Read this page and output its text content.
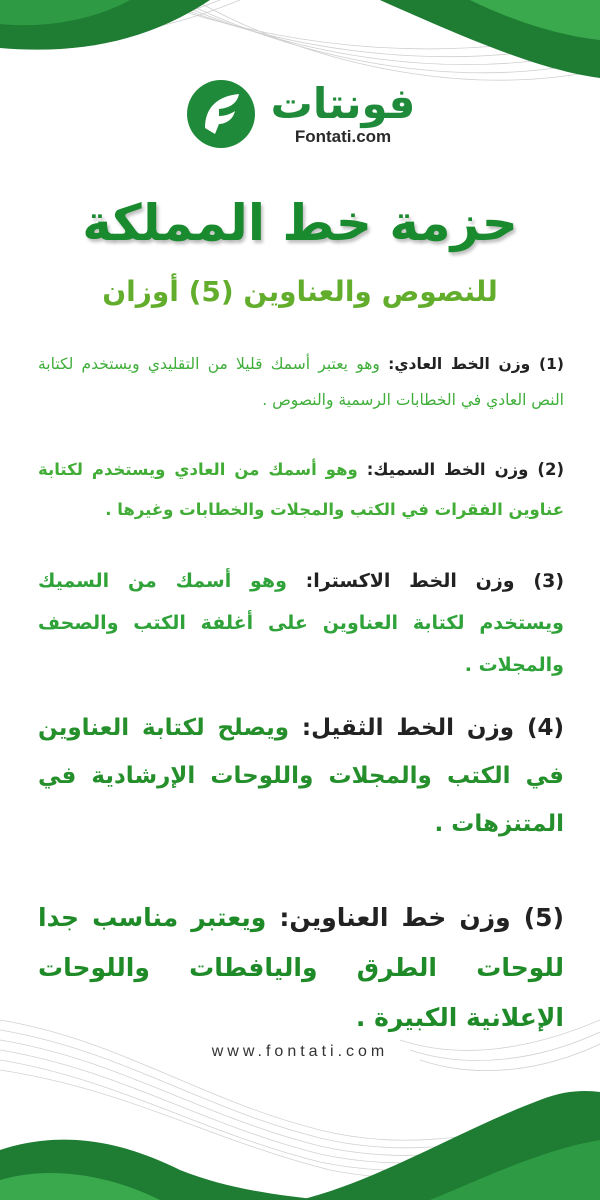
فونتات
Fontati.com
حزمة خط المملكة
للنصوص والعناوين (5) أوزان
(1) وزن الخط العادي: وهو يعتبر أسمك قليلا من التقليدي ويستخدم لكتابة النص العادي في الخطابات الرسمية والنصوص .
(2) وزن الخط السميك: وهو أسمك من العادي ويستخدم لكتابة عناوين الفقرات في الكتب والمجلات والخطابات وغيرها .
(3) وزن الخط الاكسترا: وهو أسمك من السميك ويستخدم لكتابة العناوين على أغلفة الكتب والصحف والمجلات .
(4) وزن الخط الثقيل: ويصلح لكتابة العناوين في الكتب والمجلات واللوحات الإرشادية في المتنزهات .
(5) وزن خط العناوين: ويعتبر مناسب جدا للوحات الطرق واليافطات واللوحات الإعلانية الكبيرة .
www.fontati.com
